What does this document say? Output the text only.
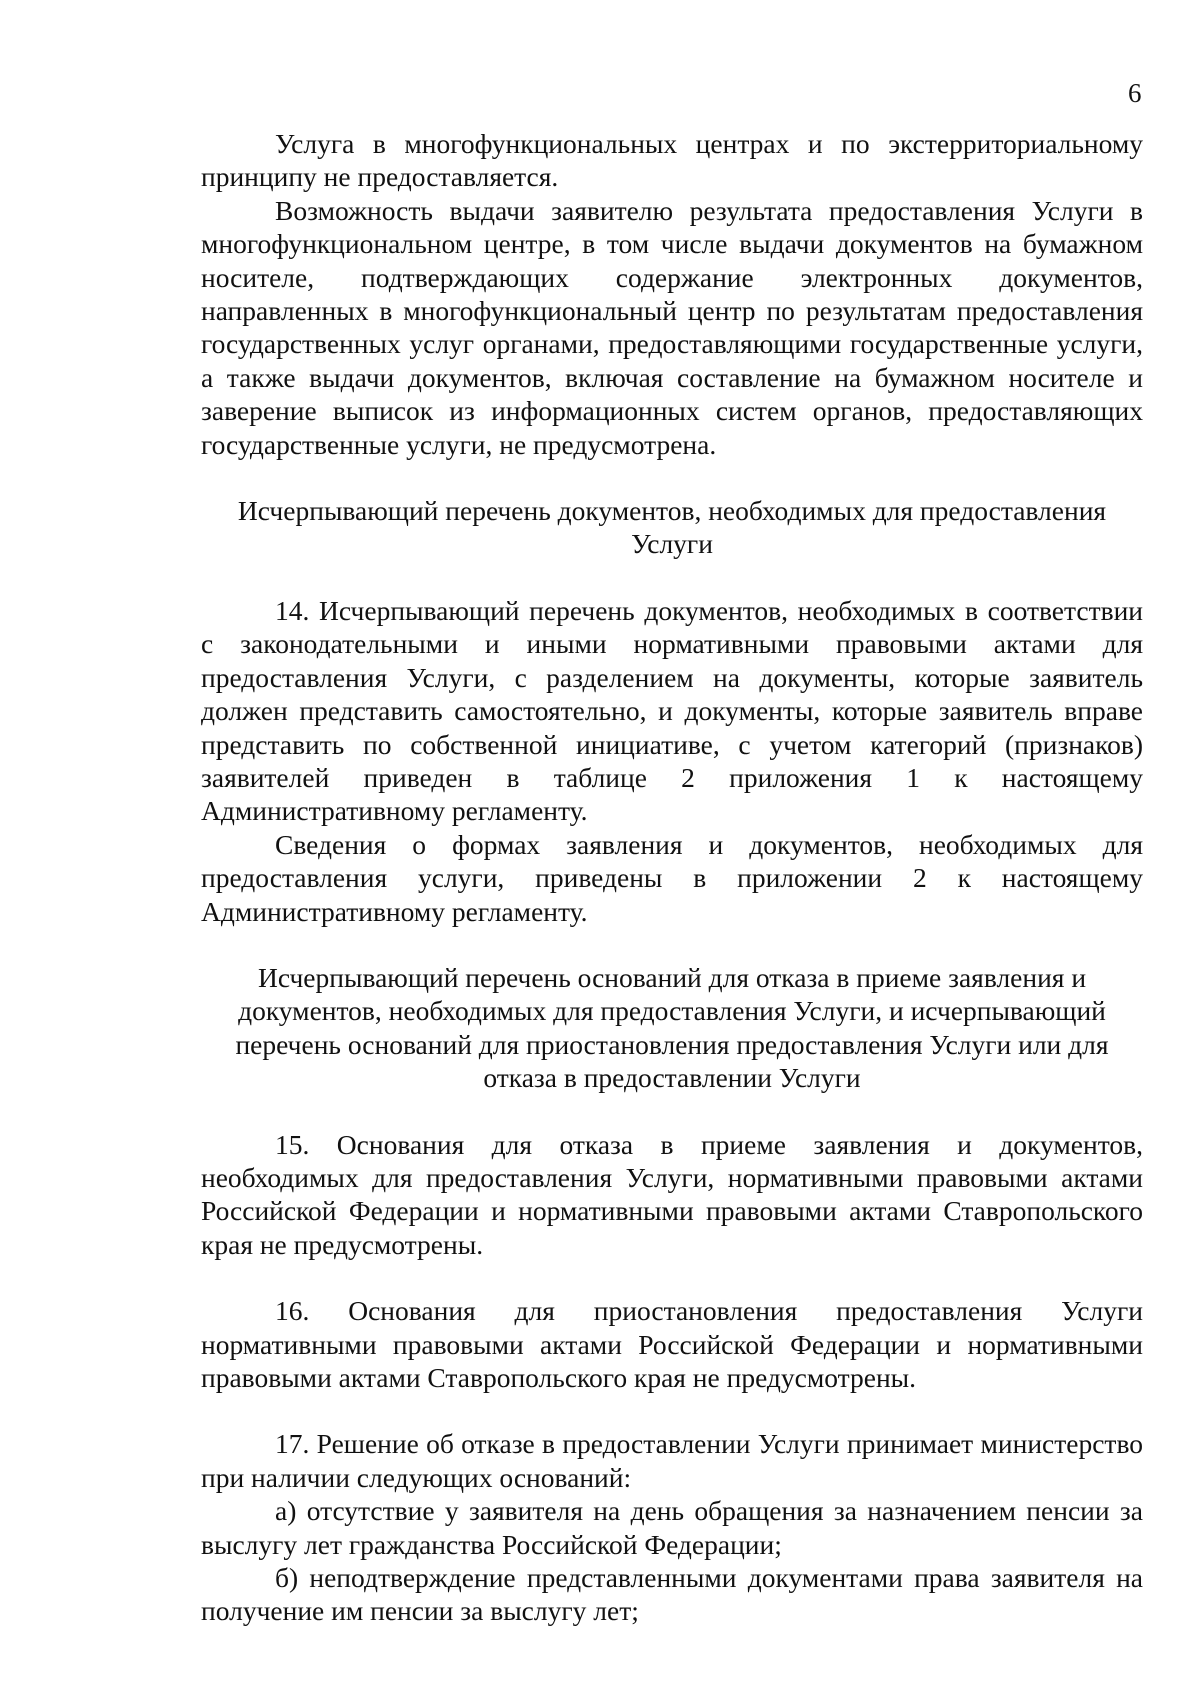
6

Услуга в многофункциональных центрах и по экстерриториальному принципу не предоставляется.

Возможность выдачи заявителю результата предоставления Услуги в многофункциональном центре, в том числе выдачи документов на бумажном носителе, подтверждающих содержание электронных документов, направленных в многофункциональный центр по результатам предоставления государственных услуг органами, предоставляющими государственные услуги, а также выдачи документов, включая составление на бумажном носителе и заверение выписок из информационных систем органов, предоставляющих государственные услуги, не предусмотрена.

Исчерпывающий перечень документов, необходимых для предоставления Услуги

14. Исчерпывающий перечень документов, необходимых в соответствии с законодательными и иными нормативными правовыми актами для предоставления Услуги, с разделением на документы, которые заявитель должен представить самостоятельно, и документы, которые заявитель вправе представить по собственной инициативе, с учетом категорий (признаков) заявителей приведен в таблице 2 приложения 1 к настоящему Административному регламенту.

Сведения о формах заявления и документов, необходимых для предоставления услуги, приведены в приложении 2 к настоящему Административному регламенту.

Исчерпывающий перечень оснований для отказа в приеме заявления и документов, необходимых для предоставления Услуги, и исчерпывающий перечень оснований для приостановления предоставления Услуги или для отказа в предоставлении Услуги

15. Основания для отказа в приеме заявления и документов, необходимых для предоставления Услуги, нормативными правовыми актами Российской Федерации и нормативными правовыми актами Ставропольского края не предусмотрены.

16. Основания для приостановления предоставления Услуги нормативными правовыми актами Российской Федерации и нормативными правовыми актами Ставропольского края не предусмотрены.

17. Решение об отказе в предоставлении Услуги принимает министерство при наличии следующих оснований:

а) отсутствие у заявителя на день обращения за назначением пенсии за выслугу лет гражданства Российской Федерации;

б) неподтверждение представленными документами права заявителя на получение им пенсии за выслугу лет;
